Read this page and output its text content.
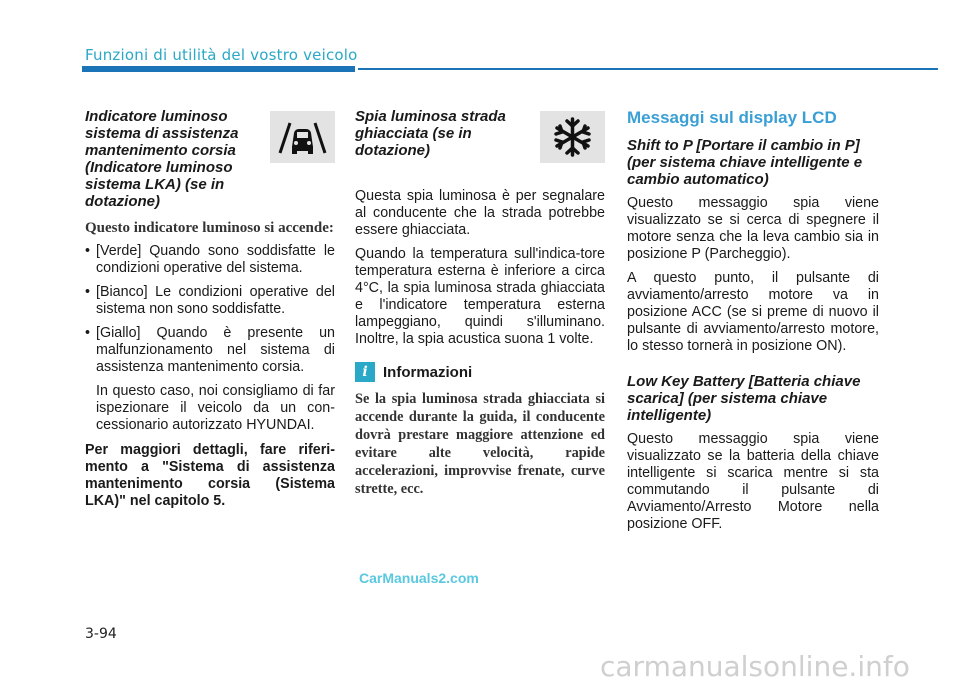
Funzioni di utilità del vostro veicolo

Indicatore luminoso sistema di assistenza mantenimento corsia (Indicatore luminoso sistema LKA) (se in dotazione)

Questo indicatore luminoso si accende:

• [Verde] Quando sono soddisfatte le condizioni operative del sistema.
• [Bianco] Le condizioni operative del sistema non sono soddisfatte.
• [Giallo] Quando è presente un malfunzionamento nel sistema di assistenza mantenimento corsia.

In questo caso, noi consigliamo di far ispezionare il veicolo da un con-cessionario autorizzato HYUNDAI.

Per maggiori dettagli, fare riferi-mento a "Sistema di assistenza mantenimento corsia (Sistema LKA)" nel capitolo 5.

Spia luminosa strada ghiacciata (se in dotazione)

Questa spia luminosa è per segnalare al conducente che la strada potrebbe essere ghiacciata.

Quando la temperatura sull'indica-tore temperatura esterna è inferiore a circa 4°C, la spia luminosa strada ghiacciata e l'indicatore temperatura esterna lampeggiano, quindi s'illuminano. Inoltre, la spia acustica suona 1 volte.

i	Informazioni

Se la spia luminosa strada ghiacciata si accende durante la guida, il conducente dovrà prestare maggiore attenzione ed evitare alte velocità, rapide accelerazioni, improvvise frenate, curve strette, ecc.

Messaggi sul display LCD

Shift to P [Portare il cambio in P] (per sistema chiave intelligente e cambio automatico)

Questo messaggio spia viene visualizzato se si cerca di spegnere il motore senza che la leva cambio sia in posizione P (Parcheggio).

A questo punto, il pulsante di avviamento/arresto motore va in posizione ACC (se si preme di nuovo il pulsante di avviamento/arresto motore, lo stesso tornerà in posizione ON).

Low Key Battery [Batteria chiave scarica] (per sistema chiave intelligente)

Questo messaggio spia viene visualizzato se la batteria della chiave intelligente si scarica mentre si sta commutando il pulsante di Avviamento/Arresto Motore nella posizione OFF.

CarManuals2.com
3-94
carmanualsonline.info
